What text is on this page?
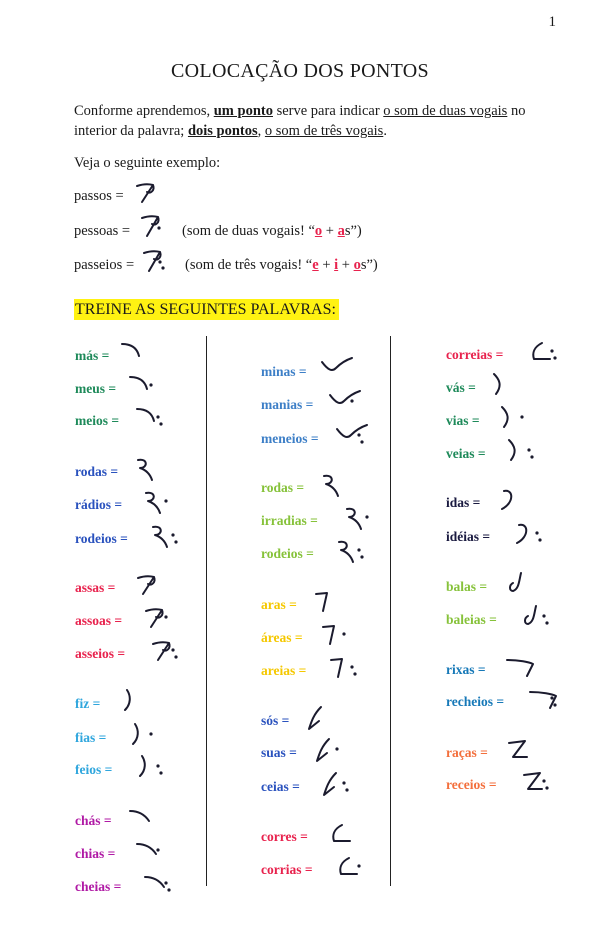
1
COLOCAÇÃO DOS PONTOS
Conforme aprendemos, um ponto serve para indicar o som de duas vogais no interior da palavra; dois pontos, o som de três vogais.
Veja o seguinte exemplo:
passos =
pessoas =	(som de duas vogais! “o + as”)
passeios =	(som de três vogais! “e + i + os”)
TREINE AS SEGUINTES PALAVRAS:
más =
meus =
meios =
rodas =
rádios =
rodeios =
assas =
assoas =
asseios =
fiz =
fias =
feios =
chás =
chias =
cheias =
minas =
manias =
meneios =
rodas =
irradias =
rodeios =
aras =
áreas =
areias =
sós =
suas =
ceias =
corres =
corrias =
correias =
vás =
vias =
veias =
idas =
idéias =
balas =
baleias =
rixas =
recheios =
raças =
receios =
